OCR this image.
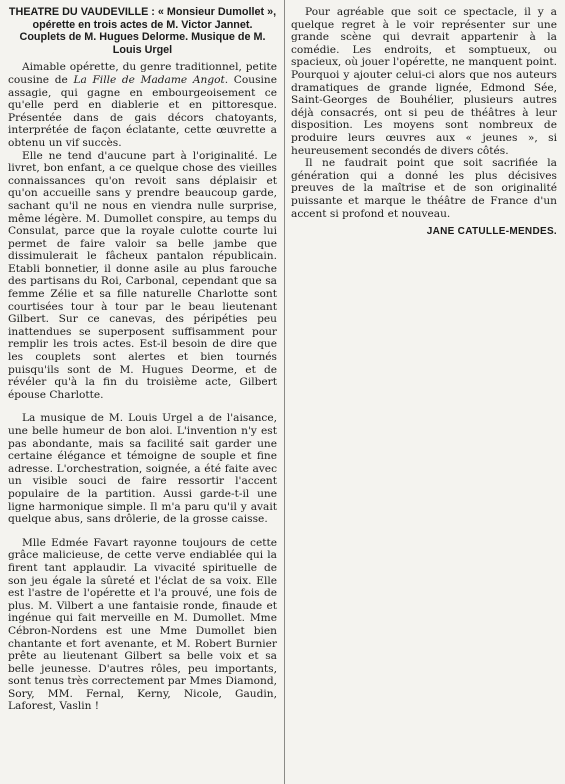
THEATRE DU VAUDEVILLE : « Monsieur Dumollet », opérette en trois actes de M. Victor Jannet. Couplets de M. Hugues Delorme. Musique de M. Louis Urgel

Aimable opérette, du genre traditionnel, petite cousine de La Fille de Madame Angot. Cousine assagie, qui gagne en embourgeoisement ce qu'elle perd en diablerie et en pittoresque. Présentée dans de gais décors chatoyants, interprétée de façon éclatante, cette œuvrette a obtenu un vif succès.

Elle ne tend d'aucune part à l'originalité. Le livret, bon enfant, a ce quelque chose des vieilles connaissances qu'on revoit sans déplaisir et qu'on accueille sans y prendre beaucoup garde, sachant qu'il ne nous en viendra nulle surprise, même légère. M. Dumollet conspire, au temps du Consulat, parce que la royale culotte courte lui permet de faire valoir sa belle jambe que dissimulerait le fâcheux pantalon républicain. Etabli bonnetier, il donne asile au plus farouche des partisans du Roi, Carbonal, cependant que sa femme Zélie et sa fille naturelle Charlotte sont courtisées tour à tour par le beau lieutenant Gilbert. Sur ce canevas, des péripéties peu inattendues se superposent suffisamment pour remplir les trois actes. Est-il besoin de dire que les couplets sont alertes et bien tournés puisqu'ils sont de M. Hugues Deorme, et de révéler qu'à la fin du troisième acte, Gilbert épouse Charlotte.

La musique de M. Louis Urgel a de l'aisance, une belle humeur de bon aloi. L'invention n'y est pas abondante, mais sa facilité sait garder une certaine élégance et témoigne de souple et fine adresse. L'orchestration, soignée, a été faite avec un visible souci de faire ressortir l'accent populaire de la partition. Aussi garde-t-il une ligne harmonique simple. Il m'a paru qu'il y avait quelque abus, sans drôlerie, de la grosse caisse.

Mlle Edmée Favart rayonne toujours de cette grâce malicieuse, de cette verve endiablée qui la firent tant applaudir. La vivacité spirituelle de son jeu égale la sûreté et l'éclat de sa voix. Elle est l'astre de l'opérette et l'a prouvé, une fois de plus. M. Vilbert a une fantaisie ronde, finaude et ingénue qui fait merveille en M. Dumollet. Mme Cébron-Nordens est une Mme Dumollet bien chantante et fort avenante, et M. Robert Burnier prête au lieutenant Gilbert sa belle voix et sa belle jeunesse. D'autres rôles, peu importants, sont tenus très correctement par Mmes Diamond, Sory, MM. Fernal, Kerny, Nicole, Gaudin, Laforest, Vaslin !

Pour agréable que soit ce spectacle, il y a quelque regret à le voir représenter sur une grande scène qui devrait appartenir à la comédie. Les endroits, et somptueux, ou spacieux, où jouer l'opérette, ne manquent point. Pourquoi y ajouter celui-ci alors que nos auteurs dramatiques de grande lignée, Edmond Sée, Saint-Georges de Bouhélier, plusieurs autres déjà consacrés, ont si peu de théâtres à leur disposition. Les moyens sont nombreux de produire leurs œuvres aux « jeunes », si heureusement secondés de divers côtés.

Il ne faudrait point que soit sacrifiée la génération qui a donné les plus décisives preuves de la maîtrise et de son originalité puissante et marque le théâtre de France d'un accent si profond et nouveau.

JANE CATULLE-MENDES.
